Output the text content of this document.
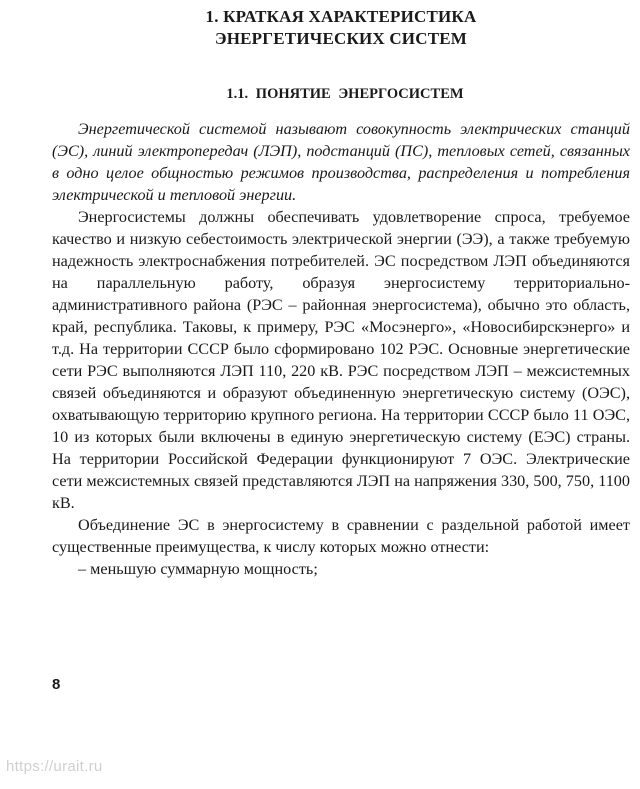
1. КРАТКАЯ ХАРАКТЕРИСТИКА
ЭНЕРГЕТИЧЕСКИХ СИСТЕМ
1.1. ПОНЯТИЕ ЭНЕРГОСИСТЕМ

Энергетической системой называют совокупность электрических станций (ЭС), линий электропередач (ЛЭП), подстанций (ПС), тепловых сетей, связанных в одно целое общностью режимов производства, распределения и потребления электрической и тепловой энергии.

Энергосистемы должны обеспечивать удовлетворение спроса, требуемое качество и низкую себестоимость электрической энергии (ЭЭ), а также требуемую надежность электроснабжения потребителей. ЭС посредством ЛЭП объединяются на параллельную работу, образуя энергосистему территориально-административного района (РЭС – районная энергосистема), обычно это область, край, республика. Таковы, к примеру, РЭС «Мосэнерго», «Новосибирскэнерго» и т.д. На территории СССР было сформировано 102 РЭС. Основные энергетические сети РЭС выполняются ЛЭП 110, 220 кВ. РЭС посредством ЛЭП – межсистемных связей объединяются и образуют объединенную энергетическую систему (ОЭС), охватывающую территорию крупного региона. На территории СССР было 11 ОЭС, 10 из которых были включены в единую энергетическую систему (ЕЭС) страны. На территории Российской Федерации функционируют 7 ОЭС. Электрические сети межсистемных связей представляются ЛЭП на напряжения 330, 500, 750, 1100 кВ.

Объединение ЭС в энергосистему в сравнении с раздельной работой имеет существенные преимущества, к числу которых можно отнести:

– меньшую суммарную мощность;

8
https://urait.ru
